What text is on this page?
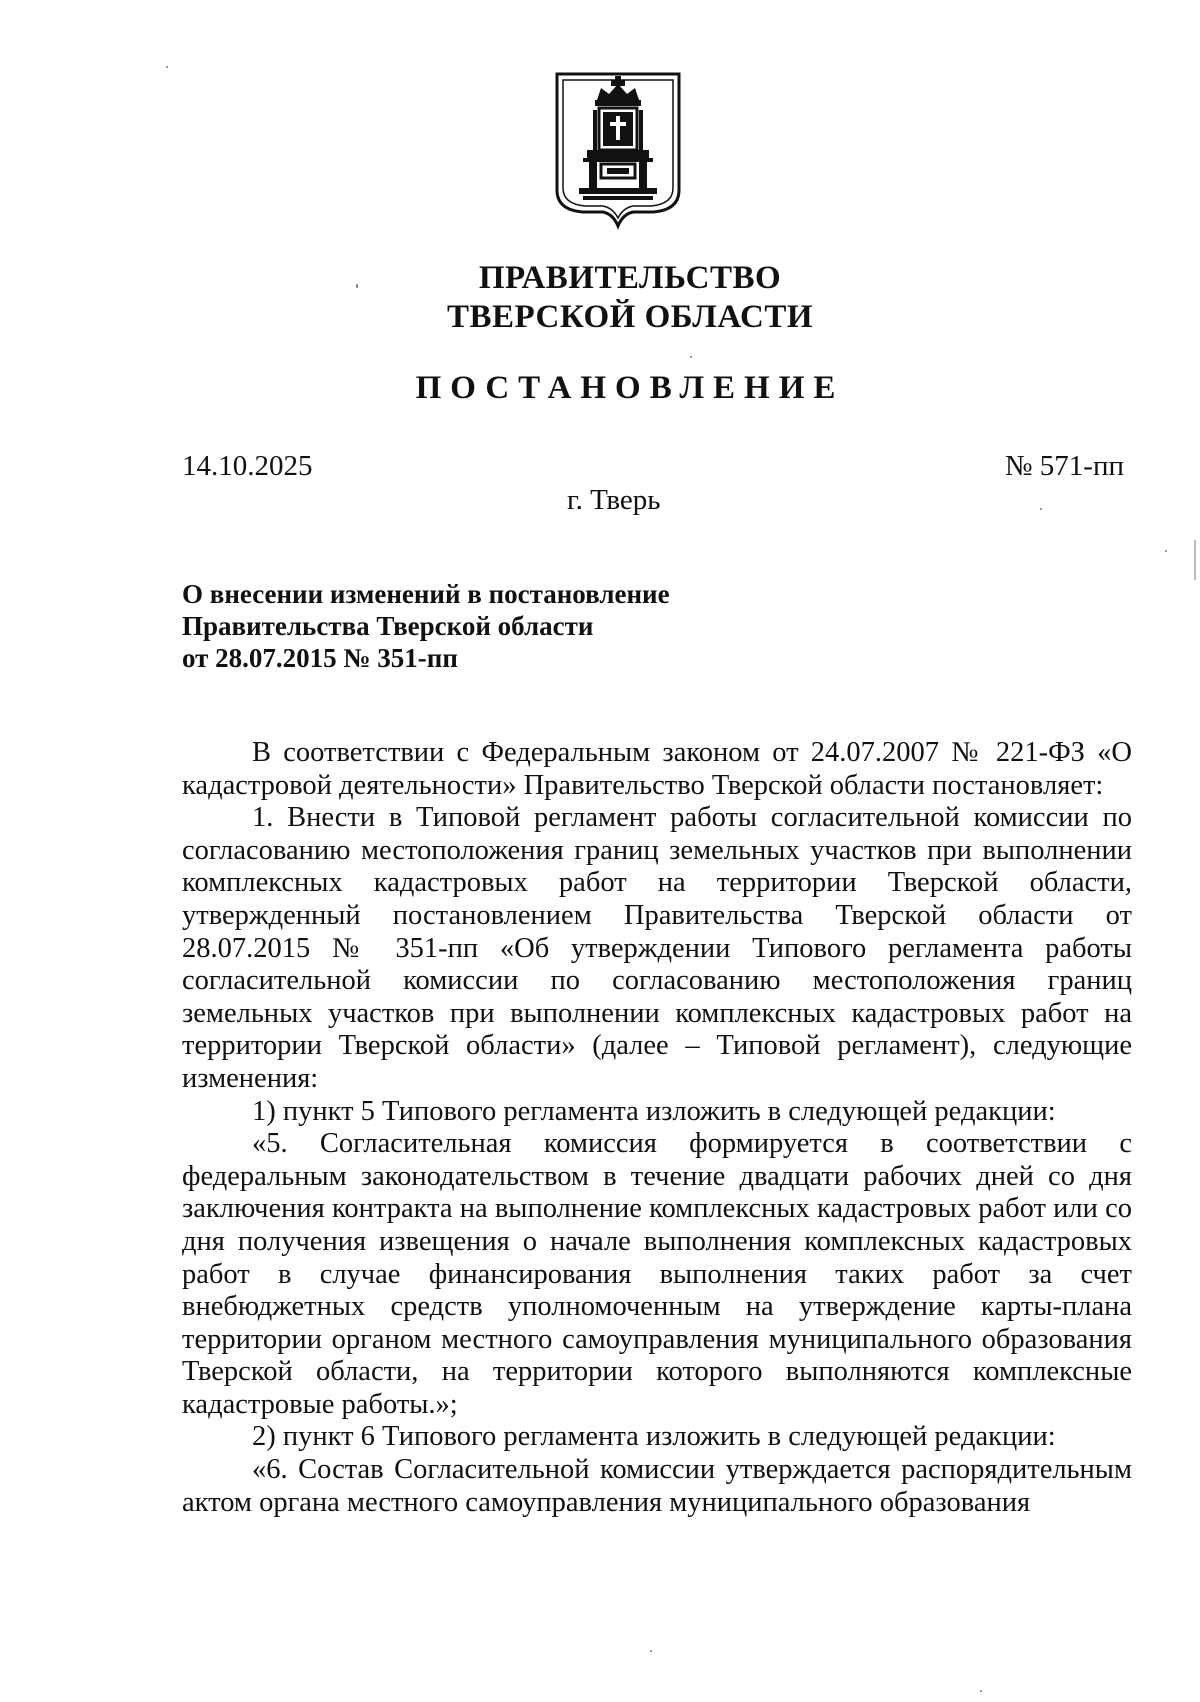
ПРАВИТЕЛЬСТВО
ТВЕРСКОЙ ОБЛАСТИ
ПОСТАНОВЛЕНИЕ
14.10.2025	№ 571-пп
г. Тверь
О внесении изменений в постановление
Правительства Тверской области
от 28.07.2015 № 351-пп

В соответствии с Федеральным законом от 24.07.2007 № 221-ФЗ «О кадастровой деятельности» Правительство Тверской области постановляет:

1. Внести в Типовой регламент работы согласительной комиссии по согласованию местоположения границ земельных участков при выполнении комплексных кадастровых работ на территории Тверской области, утвержденный постановлением Правительства Тверской области от 28.07.2015 № 351-пп «Об утверждении Типового регламента работы согласительной комиссии по согласованию местоположения границ земельных участков при выполнении комплексных кадастровых работ на территории Тверской области» (далее – Типовой регламент), следующие изменения:

1) пункт 5 Типового регламента изложить в следующей редакции:

«5. Согласительная комиссия формируется в соответствии с федеральным законодательством в течение двадцати рабочих дней со дня заключения контракта на выполнение комплексных кадастровых работ или со дня получения извещения о начале выполнения комплексных кадастровых работ в случае финансирования выполнения таких работ за счет внебюджетных средств уполномоченным на утверждение карты-плана территории органом местного самоуправления муниципального образования Тверской области, на территории которого выполняются комплексные кадастровые работы.»;

2) пункт 6 Типового регламента изложить в следующей редакции:

«6. Состав Согласительной комиссии утверждается распорядительным актом органа местного самоуправления муниципального образования
